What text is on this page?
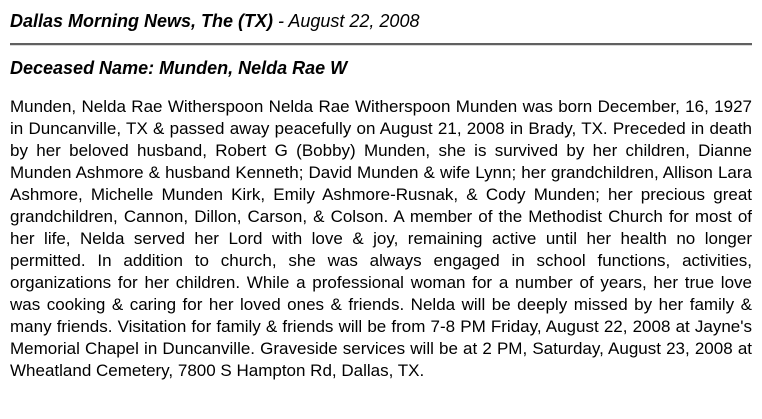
Dallas Morning News, The (TX) - August 22, 2008
Deceased Name: Munden, Nelda Rae W

Munden, Nelda Rae Witherspoon Nelda Rae Witherspoon Munden was born December, 16, 1927 in Duncanville, TX & passed away peacefully on August 21, 2008 in Brady, TX. Preceded in death by her beloved husband, Robert G (Bobby) Munden, she is survived by her children, Dianne Munden Ashmore & husband Kenneth; David Munden & wife Lynn; her grandchildren, Allison Lara Ashmore, Michelle Munden Kirk, Emily Ashmore-Rusnak, & Cody Munden; her precious great grandchildren, Cannon, Dillon, Carson, & Colson. A member of the Methodist Church for most of her life, Nelda served her Lord with love & joy, remaining active until her health no longer permitted. In addition to church, she was always engaged in school functions, activities, organizations for her children. While a professional woman for a number of years, her true love was cooking & caring for her loved ones & friends. Nelda will be deeply missed by her family & many friends. Visitation for family & friends will be from 7-8 PM Friday, August 22, 2008 at Jayne's Memorial Chapel in Duncanville. Graveside services will be at 2 PM, Saturday, August 23, 2008 at Wheatland Cemetery, 7800 S Hampton Rd, Dallas, TX.
